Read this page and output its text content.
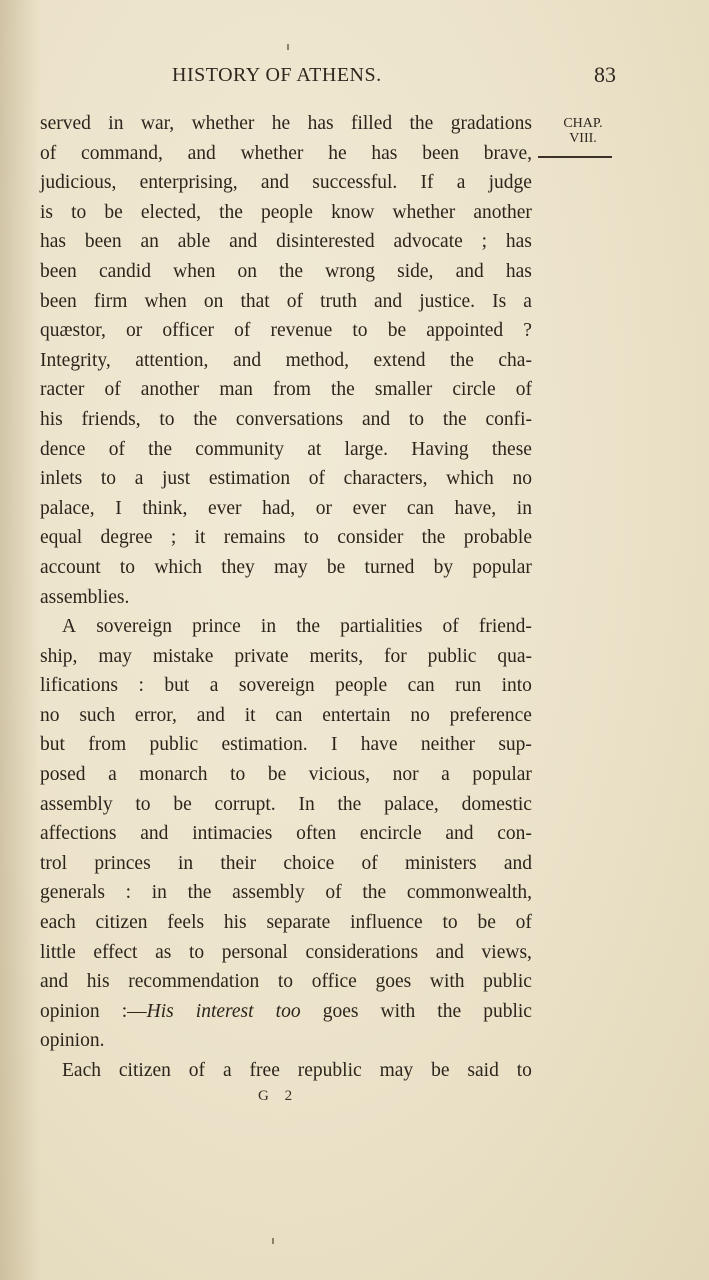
HISTORY OF ATHENS.	83
CHAP.
VIII.
served in war, whether he has filled the gradations
of command, and whether he has been brave,
judicious, enterprising, and successful. If a judge
is to be elected, the people know whether another
has been an able and disinterested advocate ; has
been candid when on the wrong side, and has
been firm when on that of truth and justice. Is a
quæstor, or officer of revenue to be appointed ?
Integrity, attention, and method, extend the cha-
racter of another man from the smaller circle of
his friends, to the conversations and to the confi-
dence of the community at large. Having these
inlets to a just estimation of characters, which no
palace, I think, ever had, or ever can have, in
equal degree ; it remains to consider the probable
account to which they may be turned by popular
assemblies.
A sovereign prince in the partialities of friend-
ship, may mistake private merits, for public qua-
lifications : but a sovereign people can run into
no such error, and it can entertain no preference
but from public estimation. I have neither sup-
posed a monarch to be vicious, nor a popular
assembly to be corrupt. In the palace, domestic
affections and intimacies often encircle and con-
trol princes in their choice of ministers and
generals : in the assembly of the commonwealth,
each citizen feels his separate influence to be of
little effect as to personal considerations and views,
and his recommendation to office goes with public
opinion :—His interest too goes with the public
opinion.
Each citizen of a free republic may be said to
G 2
